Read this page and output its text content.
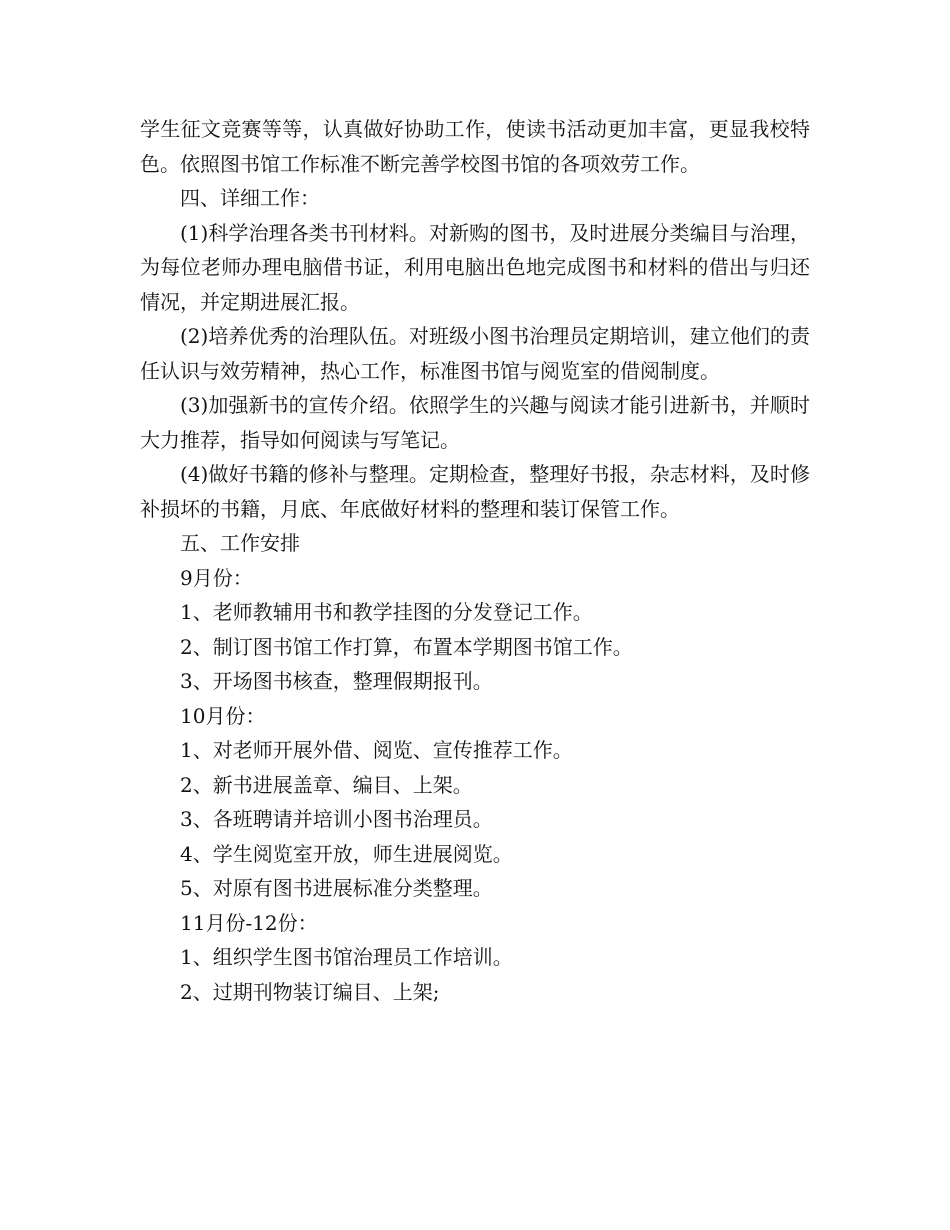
学生征文竞赛等等，认真做好协助工作，使读书活动更加丰富，更显我校特色。依照图书馆工作标准不断完善学校图书馆的各项效劳工作。

四、详细工作：

(1)科学治理各类书刊材料。对新购的图书，及时进展分类编目与治理，为每位老师办理电脑借书证，利用电脑出色地完成图书和材料的借出与归还情况，并定期进展汇报。

(2)培养优秀的治理队伍。对班级小图书治理员定期培训，建立他们的责任认识与效劳精神，热心工作，标准图书馆与阅览室的借阅制度。

(3)加强新书的宣传介绍。依照学生的兴趣与阅读才能引进新书，并顺时大力推荐，指导如何阅读与写笔记。

(4)做好书籍的修补与整理。定期检查，整理好书报，杂志材料，及时修补损坏的书籍，月底、年底做好材料的整理和装订保管工作。

五、工作安排

9月份：

1、老师教辅用书和教学挂图的分发登记工作。

2、制订图书馆工作打算，布置本学期图书馆工作。

3、开场图书核查，整理假期报刊。

10月份：

1、对老师开展外借、阅览、宣传推荐工作。

2、新书进展盖章、编目、上架。

3、各班聘请并培训小图书治理员。

4、学生阅览室开放，师生进展阅览。

5、对原有图书进展标准分类整理。

11月份-12份：

1、组织学生图书馆治理员工作培训。

2、过期刊物装订编目、上架;
